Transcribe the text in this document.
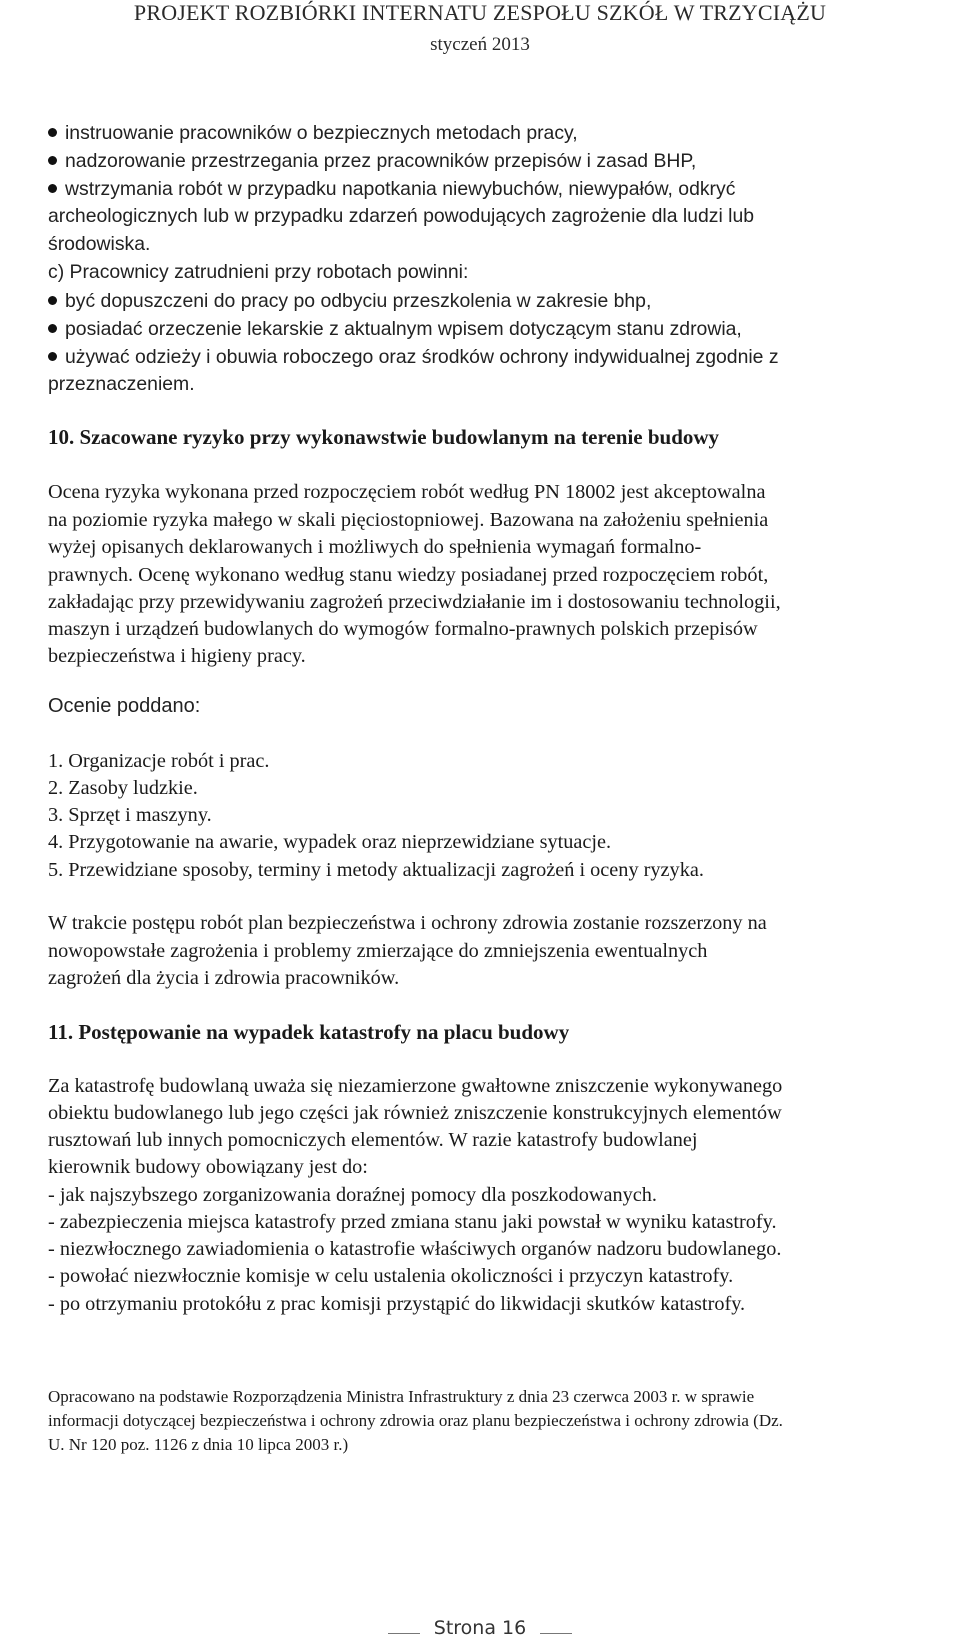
PROJEKT ROZBIÓRKI INTERNATU ZESPOŁU SZKÓŁ W TRZYCIĄŻU
styczeń 2013
instruowanie pracowników o bezpiecznych metodach pracy,
nadzorowanie przestrzegania przez pracowników przepisów i zasad BHP,
wstrzymania robót w przypadku napotkania niewybuchów, niewypałów, odkryć
archeologicznych lub w przypadku zdarzeń powodujących zagrożenie dla ludzi lub
środowiska.
c) Pracownicy zatrudnieni przy robotach powinni:
być dopuszczeni do pracy po odbyciu przeszkolenia w zakresie bhp,
posiadać orzeczenie lekarskie z aktualnym wpisem dotyczącym stanu zdrowia,
używać odzieży i obuwia roboczego oraz środków ochrony indywidualnej zgodnie z
przeznaczeniem.
10. Szacowane ryzyko przy wykonawstwie budowlanym na terenie budowy
Ocena ryzyka wykonana przed rozpoczęciem robót według PN 18002 jest akceptowalna
na poziomie ryzyka małego w skali pięciostopniowej. Bazowana na założeniu spełnienia
wyżej opisanych deklarowanych i możliwych do spełnienia wymagań formalno-
prawnych. Ocenę wykonano według stanu wiedzy posiadanej przed rozpoczęciem robót,
zakładając przy przewidywaniu zagrożeń przeciwdziałanie im i dostosowaniu technologii,
maszyn i urządzeń budowlanych do wymogów formalno-prawnych polskich przepisów
bezpieczeństwa i higieny pracy.
Ocenie poddano:
1. Organizacje robót i prac.
2. Zasoby ludzkie.
3. Sprzęt i maszyny.
4. Przygotowanie na awarie, wypadek oraz nieprzewidziane sytuacje.
5. Przewidziane sposoby, terminy i metody aktualizacji zagrożeń i oceny ryzyka.
W trakcie postępu robót plan bezpieczeństwa i ochrony zdrowia zostanie rozszerzony na
nowopowstałe zagrożenia i problemy zmierzające do zmniejszenia ewentualnych
zagrożeń dla życia i zdrowia pracowników.
11. Postępowanie na wypadek katastrofy na placu budowy
Za katastrofę budowlaną uważa się niezamierzone gwałtowne zniszczenie wykonywanego
obiektu budowlanego lub jego części jak również zniszczenie konstrukcyjnych elementów
rusztowań lub innych pomocniczych elementów. W razie katastrofy budowlanej
kierownik budowy obowiązany jest do:
- jak najszybszego zorganizowania doraźnej pomocy dla poszkodowanych.
- zabezpieczenia miejsca katastrofy przed zmiana stanu jaki powstał w wyniku katastrofy.
- niezwłocznego zawiadomienia o katastrofie właściwych organów nadzoru budowlanego.
- powołać niezwłocznie komisje w celu ustalenia okoliczności i przyczyn katastrofy.
- po otrzymaniu protokółu z prac komisji przystąpić do likwidacji skutków katastrofy.
Opracowano na podstawie Rozporządzenia Ministra Infrastruktury z dnia 23 czerwca 2003 r. w sprawie
informacji dotyczącej bezpieczeństwa i ochrony zdrowia oraz planu bezpieczeństwa i ochrony zdrowia (Dz.
U. Nr 120 poz. 1126 z dnia 10 lipca 2003 r.)
Strona 16
